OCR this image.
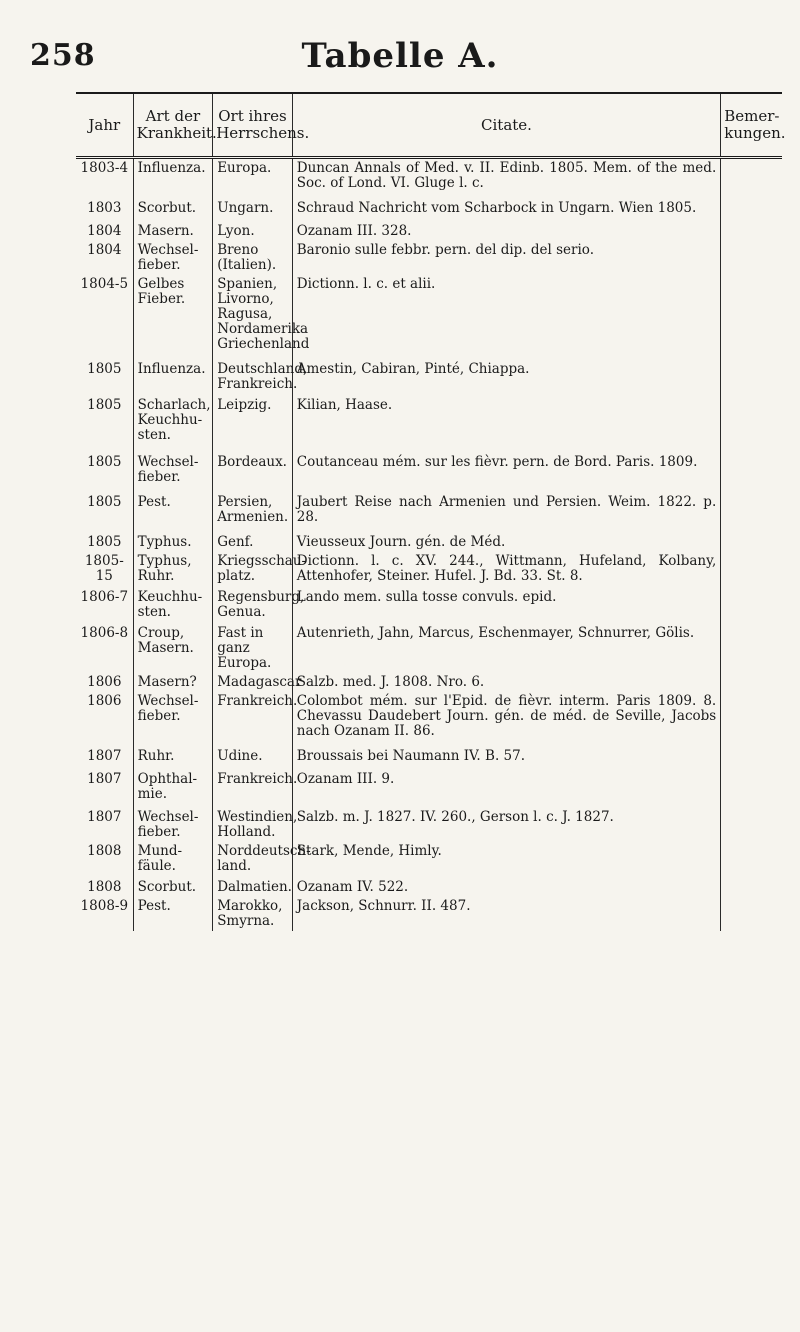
258	Tabelle A.
Jahr	Art der Krankheit.	Ort ihres Herrschens.	Citate.	Bemer-kungen.
1803-4	Influenza.	Europa.	Duncan Annals of Med. v. II. Edinb. 1805. Mem. of the med. Soc. of Lond. VI. Gluge l. c.	
1803	Scorbut.	Ungarn.	Schraud Nachricht vom Scharbock in Ungarn. Wien 1805.	
1804	Masern.	Lyon.	Ozanam III. 328.	
1804	Wechsel-fieber.	Breno (Italien).	Baronio sulle febbr. pern. del dip. del serio.	
1804-5	Gelbes Fieber.	Spanien, Livorno, Ragusa, Nordamerika Griechenland	Dictionn. l. c. et alii.	
1805	Influenza.	Deutschland, Frankreich.	Amestin, Cabiran, Pinté, Chiappa.	
1805	Scharlach, Keuchhu-sten.	Leipzig.	Kilian, Haase.	
1805	Wechsel-fieber.	Bordeaux.	Coutanceau mém. sur les fièvr. pern. de Bord. Paris. 1809.	
1805	Pest.	Persien, Armenien.	Jaubert Reise nach Armenien und Persien. Weim. 1822. p. 28.	
1805	Typhus.	Genf.	Vieusseux Journ. gén. de Méd.	
1805-15	Typhus, Ruhr.	Kriegsschau-platz.	Dictionn. l. c. XV. 244., Wittmann, Hufeland, Kolbany, Attenhofer, Steiner. Hufel. J. Bd. 33. St. 8.	
1806-7	Keuchhu-sten.	Regensburg, Genua.	Lando mem. sulla tosse convuls. epid.	
1806-8	Croup, Masern.	Fast in ganz Europa.	Autenrieth, Jahn, Marcus, Eschenmayer, Schnurrer, Gölis.	
1806	Masern?	Madagascar	Salzb. med. J. 1808. Nro. 6.	
1806	Wechsel-fieber.	Frankreich.	Colombot mém. sur l'Epid. de fièvr. interm. Paris 1809. 8. Chevassu Daudebert Journ. gén. de méd. de Seville, Jacobs nach Ozanam II. 86.	
1807	Ruhr.	Udine.	Broussais bei Naumann IV. B. 57.	
1807	Ophthal-mie.	Frankreich.	Ozanam III. 9.	
1807	Wechsel-fieber.	Westindien, Holland.	Salzb. m. J. 1827. IV. 260., Gerson l. c. J. 1827.	
1808	Mund-fäule.	Norddeutsch-land.	Stark, Mende, Himly.	
1808	Scorbut.	Dalmatien.	Ozanam IV. 522.	
1808-9	Pest.	Marokko, Smyrna.	Jackson, Schnurr. II. 487.	
